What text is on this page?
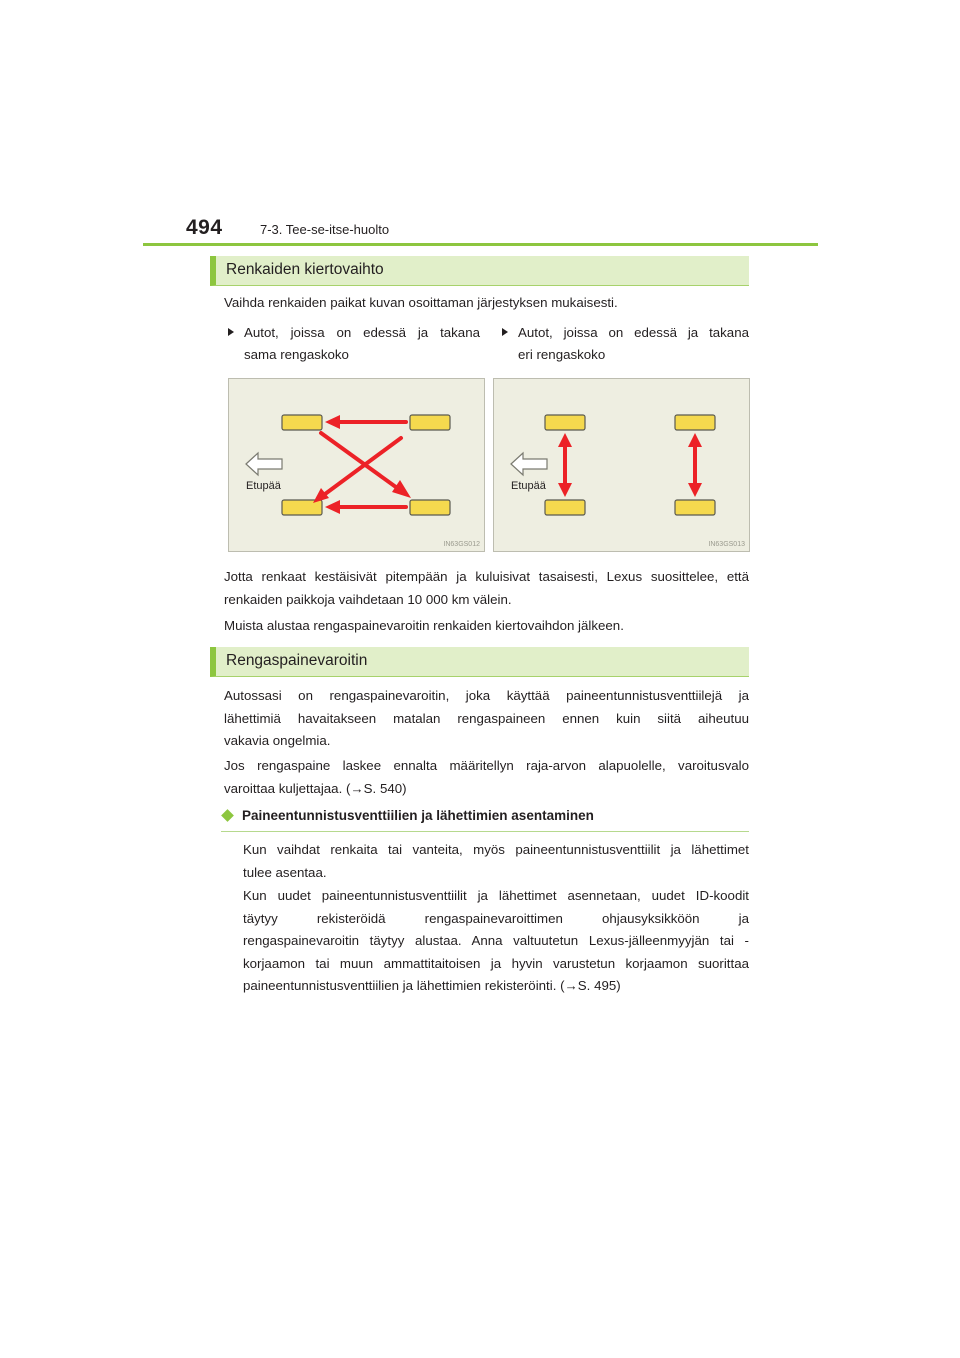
494	7-3. Tee-se-itse-huolto
Renkaiden kiertovaihto
Vaihda renkaiden paikat kuvan osoittaman järjestyksen mukaisesti.
Autot, joissa on edessä ja takana
sama rengaskoko
Autot, joissa on edessä ja takana
eri rengaskoko
Etupää
IN63GS012
Etupää
IN63GS013
Jotta renkaat kestäisivät pitempään ja kuluisivat tasaisesti, Lexus suosittelee, että
renkaiden paikkoja vaihdetaan 10 000 km välein.
Muista alustaa rengaspainevaroitin renkaiden kiertovaihdon jälkeen.
Rengaspainevaroitin
Autossasi on rengaspainevaroitin, joka käyttää paineentunnistusventtiilejä ja
lähettimiä havaitakseen matalan rengaspaineen ennen kuin siitä aiheutuu
vakavia ongelmia.
Jos rengaspaine laskee ennalta määritellyn raja-arvon alapuolelle, varoitusvalo
varoittaa kuljettajaa. (→S. 540)
Paineentunnistusventtiilien ja lähettimien asentaminen
Kun vaihdat renkaita tai vanteita, myös paineentunnistusventtiilit ja lähettimet
tulee asentaa.
Kun uudet paineentunnistusventtiilit ja lähettimet asennetaan, uudet ID-koodit
täytyy rekisteröidä rengaspainevaroittimen ohjausyksikköön ja
rengaspainevaroitin täytyy alustaa. Anna valtuutetun Lexus-jälleenmyyjän tai -
korjaamon tai muun ammattitaitoisen ja hyvin varustetun korjaamon suorittaa
paineentunnistusventtiilien ja lähettimien rekisteröinti. (→S. 495)
